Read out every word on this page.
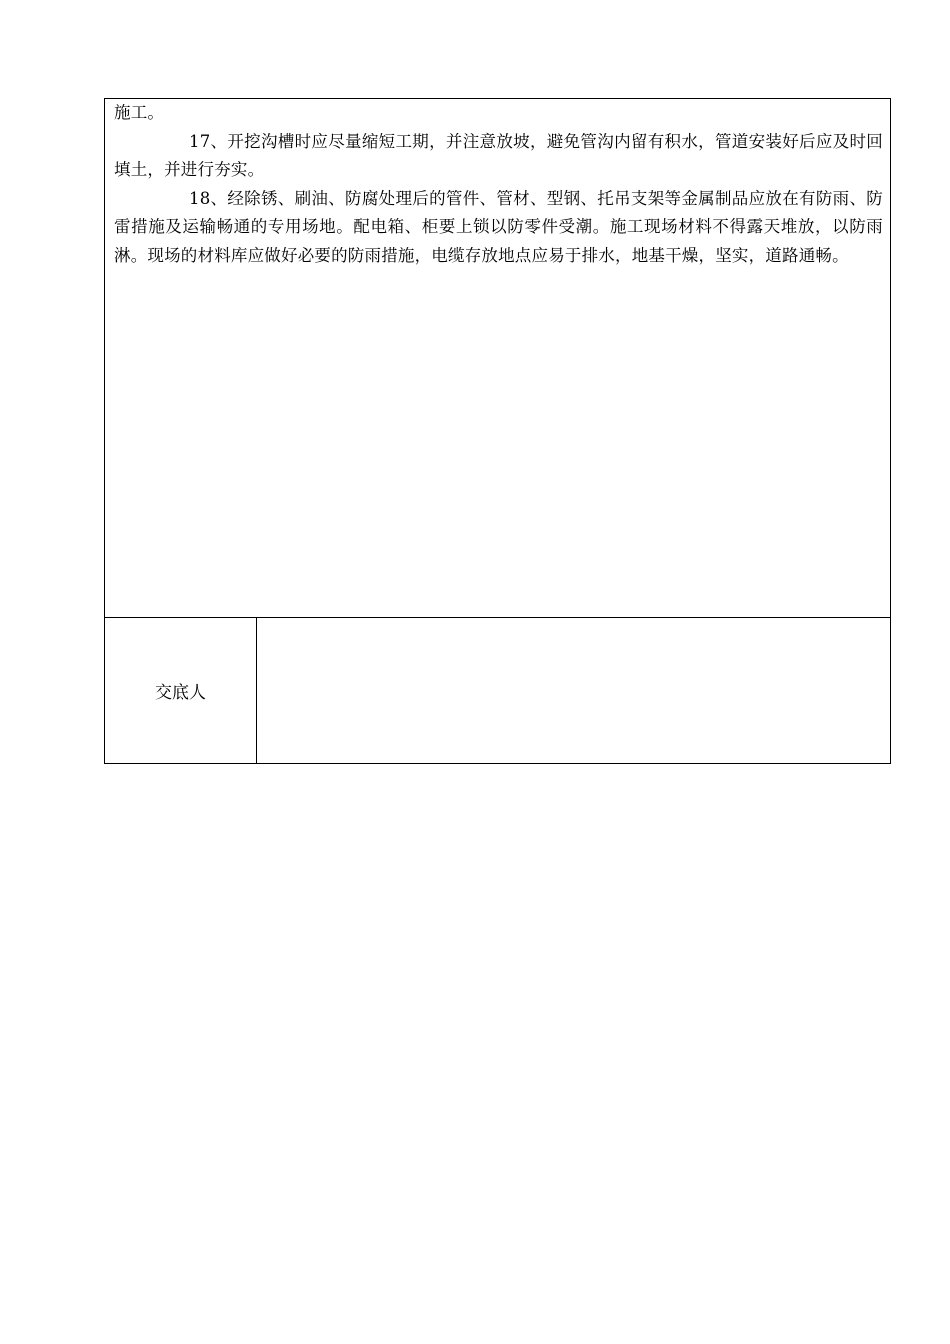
施工。

17、开挖沟槽时应尽量缩短工期，并注意放坡，避免管沟内留有积水，管道安装好后应及时回填土，并进行夯实。

18、经除锈、刷油、防腐处理后的管件、管材、型钢、托吊支架等金属制品应放在有防雨、防雷措施及运输畅通的专用场地。配电箱、柜要上锁以防零件受潮。施工现场材料不得露天堆放，以防雨淋。现场的材料库应做好必要的防雨措施，电缆存放地点应易于排水，地基干燥，坚实，道路通畅。

交底人
